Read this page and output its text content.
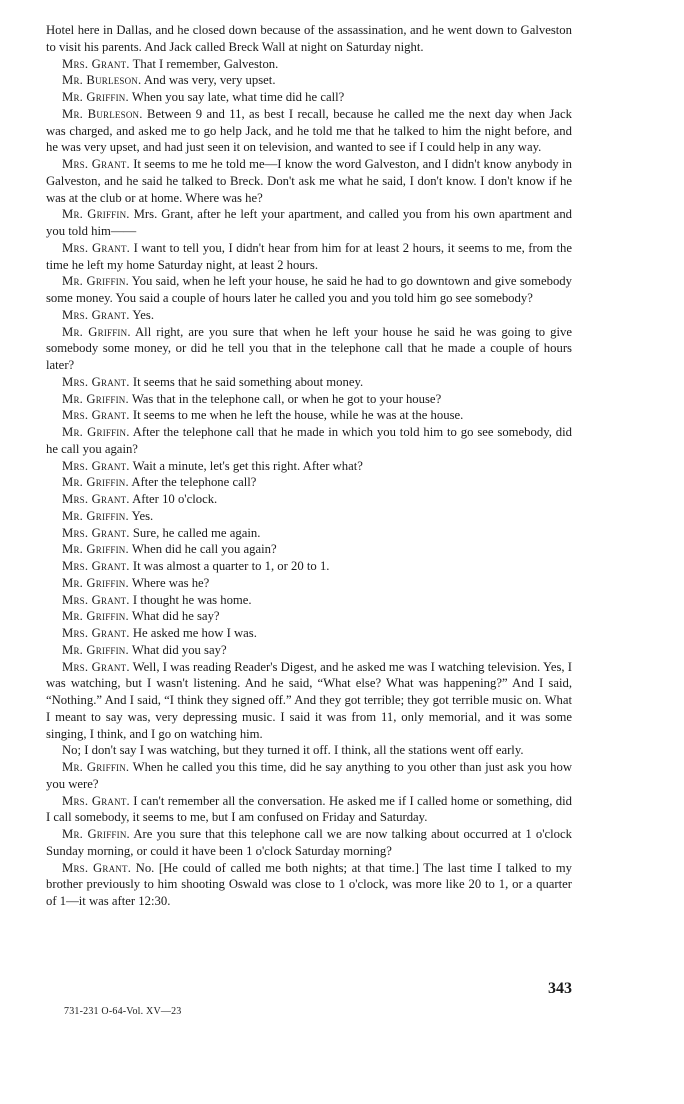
Hotel here in Dallas, and he closed down because of the assassination, and he went down to Galveston to visit his parents. And Jack called Breck Wall at night on Saturday night.

Mrs. Grant. That I remember, Galveston.

Mr. Burleson. And was very, very upset.

Mr. Griffin. When you say late, what time did he call?

Mr. Burleson. Between 9 and 11, as best I recall, because he called me the next day when Jack was charged, and asked me to go help Jack, and he told me that he talked to him the night before, and he was very upset, and had just seen it on television, and wanted to see if I could help in any way.

Mrs. Grant. It seems to me he told me—I know the word Galveston, and I didn't know anybody in Galveston, and he said he talked to Breck. Don't ask me what he said, I don't know. I don't know if he was at the club or at home. Where was he?

Mr. Griffin. Mrs. Grant, after he left your apartment, and called you from his own apartment and you told him——

Mrs. Grant. I want to tell you, I didn't hear from him for at least 2 hours, it seems to me, from the time he left my home Saturday night, at least 2 hours.

Mr. Griffin. You said, when he left your house, he said he had to go downtown and give somebody some money. You said a couple of hours later he called you and you told him go see somebody?

Mrs. Grant. Yes.

Mr. Griffin. All right, are you sure that when he left your house he said he was going to give somebody some money, or did he tell you that in the telephone call that he made a couple of hours later?

Mrs. Grant. It seems that he said something about money.

Mr. Griffin. Was that in the telephone call, or when he got to your house?

Mrs. Grant. It seems to me when he left the house, while he was at the house.

Mr. Griffin. After the telephone call that he made in which you told him to go see somebody, did he call you again?

Mrs. Grant. Wait a minute, let's get this right. After what?

Mr. Griffin. After the telephone call?

Mrs. Grant. After 10 o'clock.

Mr. Griffin. Yes.

Mrs. Grant. Sure, he called me again.

Mr. Griffin. When did he call you again?

Mrs. Grant. It was almost a quarter to 1, or 20 to 1.

Mr. Griffin. Where was he?

Mrs. Grant. I thought he was home.

Mr. Griffin. What did he say?

Mrs. Grant. He asked me how I was.

Mr. Griffin. What did you say?

Mrs. Grant. Well, I was reading Reader's Digest, and he asked me was I watching television. Yes, I was watching, but I wasn't listening. And he said, “What else? What was happening?” And I said, “Nothing.” And I said, “I think they signed off.” And they got terrible; they got terrible music on. What I meant to say was, very depressing music. I said it was from 11, only memorial, and it was some singing, I think, and I go on watching him.

No; I don't say I was watching, but they turned it off. I think, all the stations went off early.

Mr. Griffin. When he called you this time, did he say anything to you other than just ask you how you were?

Mrs. Grant. I can't remember all the conversation. He asked me if I called home or something, did I call somebody, it seems to me, but I am confused on Friday and Saturday.

Mr. Griffin. Are you sure that this telephone call we are now talking about occurred at 1 o'clock Sunday morning, or could it have been 1 o'clock Saturday morning?

Mrs. Grant. No. [He could of called me both nights; at that time.] The last time I talked to my brother previously to him shooting Oswald was close to 1 o'clock, was more like 20 to 1, or a quarter of 1—it was after 12:30.

343
731-231 O-64-Vol. XV—23
